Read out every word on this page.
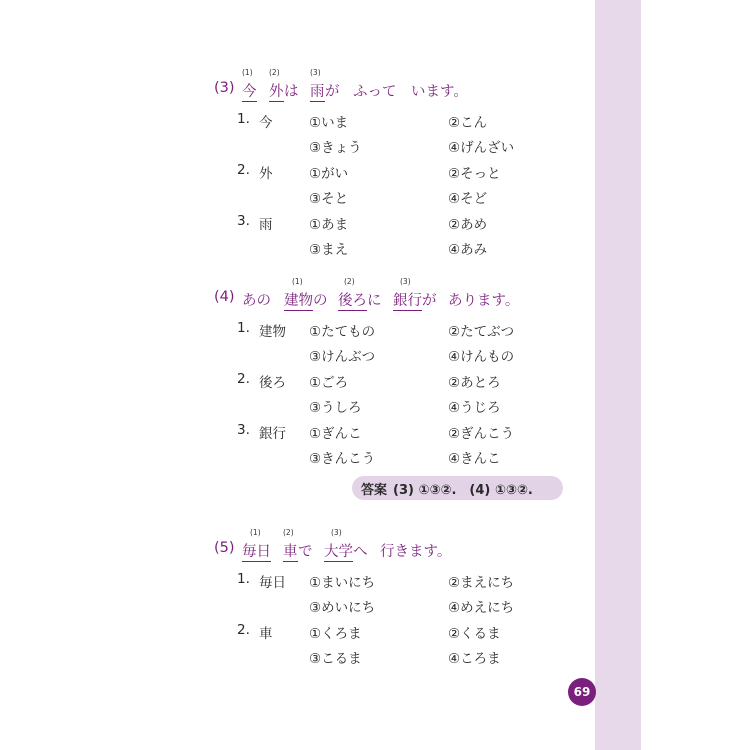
(3)
(1)
今
(2)
外 は
(3)
雨 が ふって　います。
1. 今	①いま	②こん
③きょう	④げんざい
2. 外	①がい	②そっと
③そと	④そど
3. 雨	①あま	②あめ
③まえ	④あみ
(4) あの
(1)
建物 の
(2)
後ろ に
(3)
銀行 が あります。
1. 建物 ①たてもの	②たてぶつ
③けんぶつ	④けんもの
2. 後ろ ①ごろ	②あとろ
③うしろ	④うじろ
3. 銀行 ①ぎんこ	②ぎんこう
③きんこう	④きんこ
答案 (3) ①③②.　(4) ①③②.
(5)
(1)
毎日
(2)
車 で
(3)
大学 へ 行きます。
1. 毎日 ①まいにち	②まえにち
③めいにち	④めえにち
2. 車	①くろま	②くるま
③こるま	④ころま
69
